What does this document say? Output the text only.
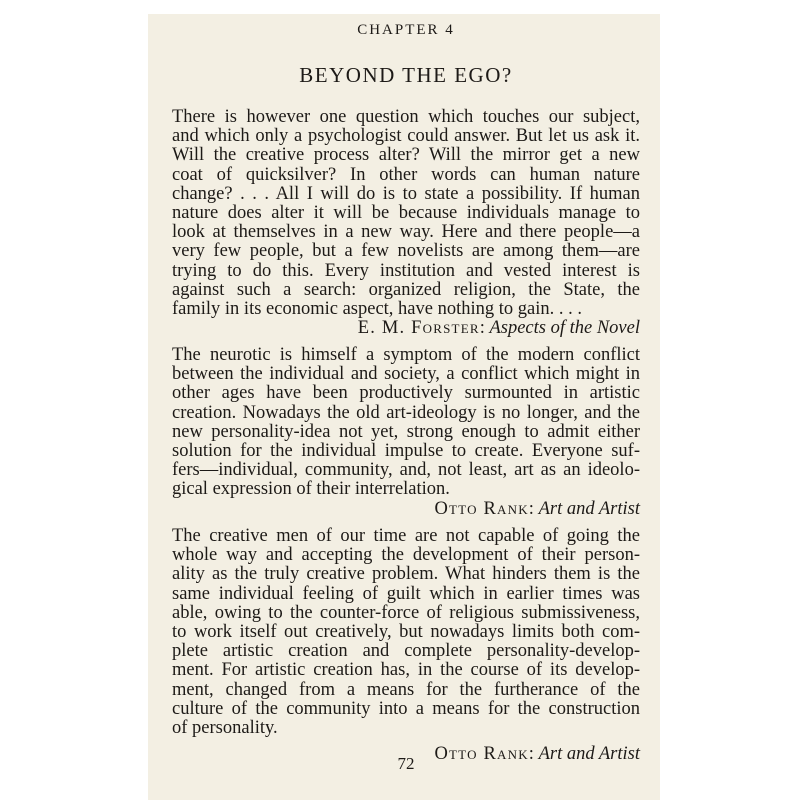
CHAPTER 4
BEYOND THE EGO?
There is however one question which touches our subject,
and which only a psychologist could answer. But let us ask it.
Will the creative process alter? Will the mirror get a new
coat of quicksilver? In other words can human nature
change? . . . All I will do is to state a possibility. If human
nature does alter it will be because individuals manage to
look at themselves in a new way. Here and there people—a
very few people, but a few novelists are among them—are
trying to do this. Every institution and vested interest is
against such a search: organized religion, the State, the
family in its economic aspect, have nothing to gain. . . .
E. M. Forster: Aspects of the Novel
The neurotic is himself a symptom of the modern conflict
between the individual and society, a conflict which might in
other ages have been productively surmounted in artistic
creation. Nowadays the old art-ideology is no longer, and the
new personality-idea not yet, strong enough to admit either
solution for the individual impulse to create. Everyone suf-
fers—individual, community, and, not least, art as an ideolo-
gical expression of their interrelation.
Otto Rank: Art and Artist
The creative men of our time are not capable of going the
whole way and accepting the development of their person-
ality as the truly creative problem. What hinders them is the
same individual feeling of guilt which in earlier times was
able, owing to the counter-force of religious submissiveness,
to work itself out creatively, but nowadays limits both com-
plete artistic creation and complete personality-develop-
ment. For artistic creation has, in the course of its develop-
ment, changed from a means for the furtherance of the
culture of the community into a means for the construction
of personality.
Otto Rank: Art and Artist
72
